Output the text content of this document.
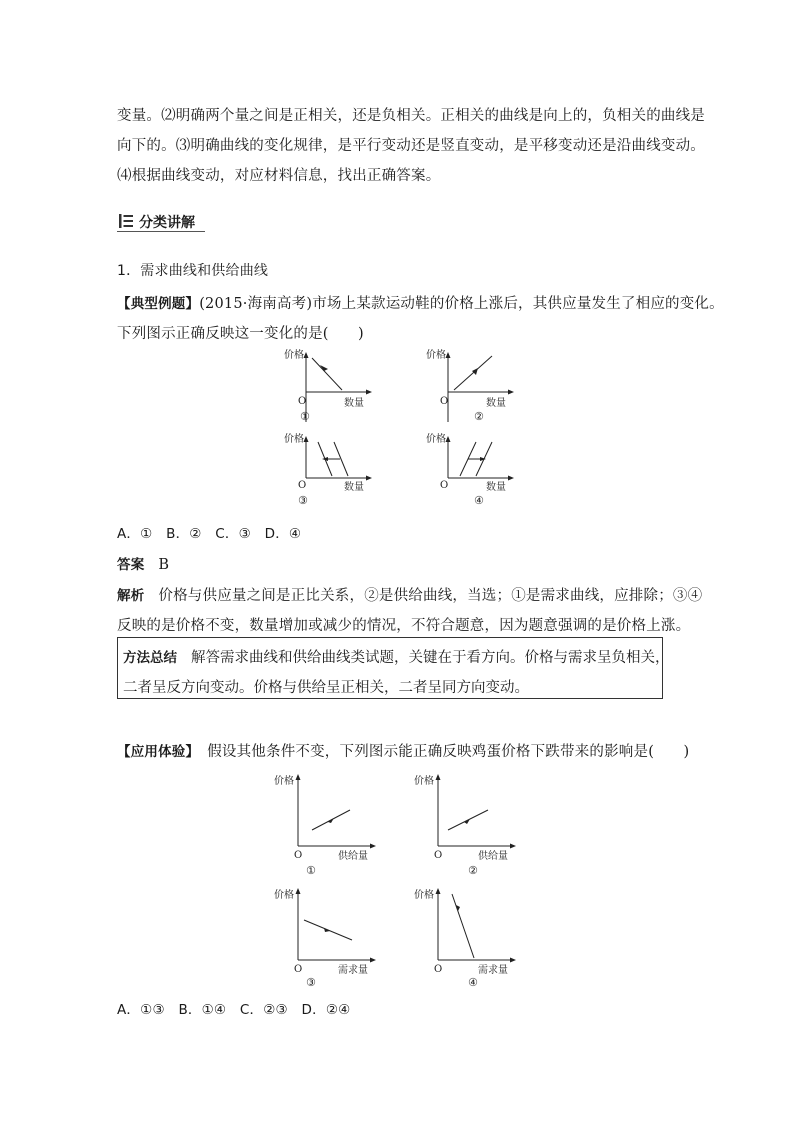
变量。⑵明确两个量之间是正相关，还是负相关。正相关的曲线是向上的，负相关的曲线是
向下的。⑶明确曲线的变化规律，是平行变动还是竖直变动，是平移变动还是沿曲线变动。
⑷根据曲线变动，对应材料信息，找出正确答案。
分类讲解
1．需求曲线和供给曲线
【典型例题】(2015·海南高考)市场上某款运动鞋的价格上涨后，其供应量发生了相应的变化。
下列图示正确反映这一变化的是(　　)
价格
O	数量
①
价格
O	数量
②
价格
O	数量
③
价格
O	数量
④
A．①　B．②　C．③　D．④
答案 B
解析 价格与供应量之间是正比关系，②是供给曲线，当选；①是需求曲线，应排除；③④
反映的是价格不变，数量增加或减少的情况，不符合题意，因为题意强调的是价格上涨。
方法总结 解答需求曲线和供给曲线类试题，关键在于看方向。价格与需求呈负相关，
二者呈反方向变动。价格与供给呈正相关，二者呈同方向变动。
【应用体验】 假设其他条件不变，下列图示能正确反映鸡蛋价格下跌带来的影响是(　　)
价格
O	供给量
①
价格
O	供给量
②
价格
O	需求量
③
价格
O	需求量
④
A．①③　B．①④　C．②③　D．②④
